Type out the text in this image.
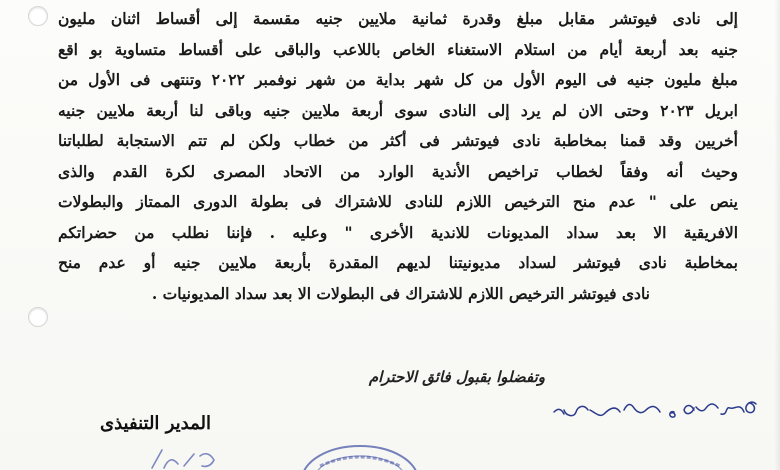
إلى نادى فيوتشر مقابل مبلغ وقدرة ثمانية ملايين جنيه مقسمة إلى أقساط اثنان مليون
جنيه بعد أربعة أيام من استلام الاستغناء الخاص باللاعب والباقى على أقساط متساوية بو اقع
مبلغ مليون جنيه فى اليوم الأول من كل شهر بداية من شهر نوفمبر ٢٠٢٢ وتنتهى فى الأول من
ابريل ٢٠٢٣ وحتى الان لم يرد إلى النادى سوى أربعة ملايين جنيه وباقى لنا أربعة ملايين جنيه
أخريين وقد قمنا بمخاطبة نادى فيوتشر فى أكثر من خطاب ولكن لم تتم الاستجابة لطلباتنا
وحيث أنه وفقاً لخطاب تراخيص الأندية الوارد من الاتحاد المصرى لكرة القدم والذى
ينص على " عدم منح الترخيص اللازم للنادى للاشتراك فى بطولة الدورى الممتاز والبطولات
الافريقية الا بعد سداد المديونات للاندية الأخرى " وعليه . فإننا نطلب من حضراتكم
بمخاطبة نادى فيوتشر لسداد مديونيتنا لديهم المقدرة بأربعة ملايين جنيه أو عدم منح
نادى فيوتشر الترخيص اللازم للاشتراك فى البطولات الا بعد سداد المديونيات .
وتفضلوا بقبول فائق الاحترام
المدير التنفيذى
